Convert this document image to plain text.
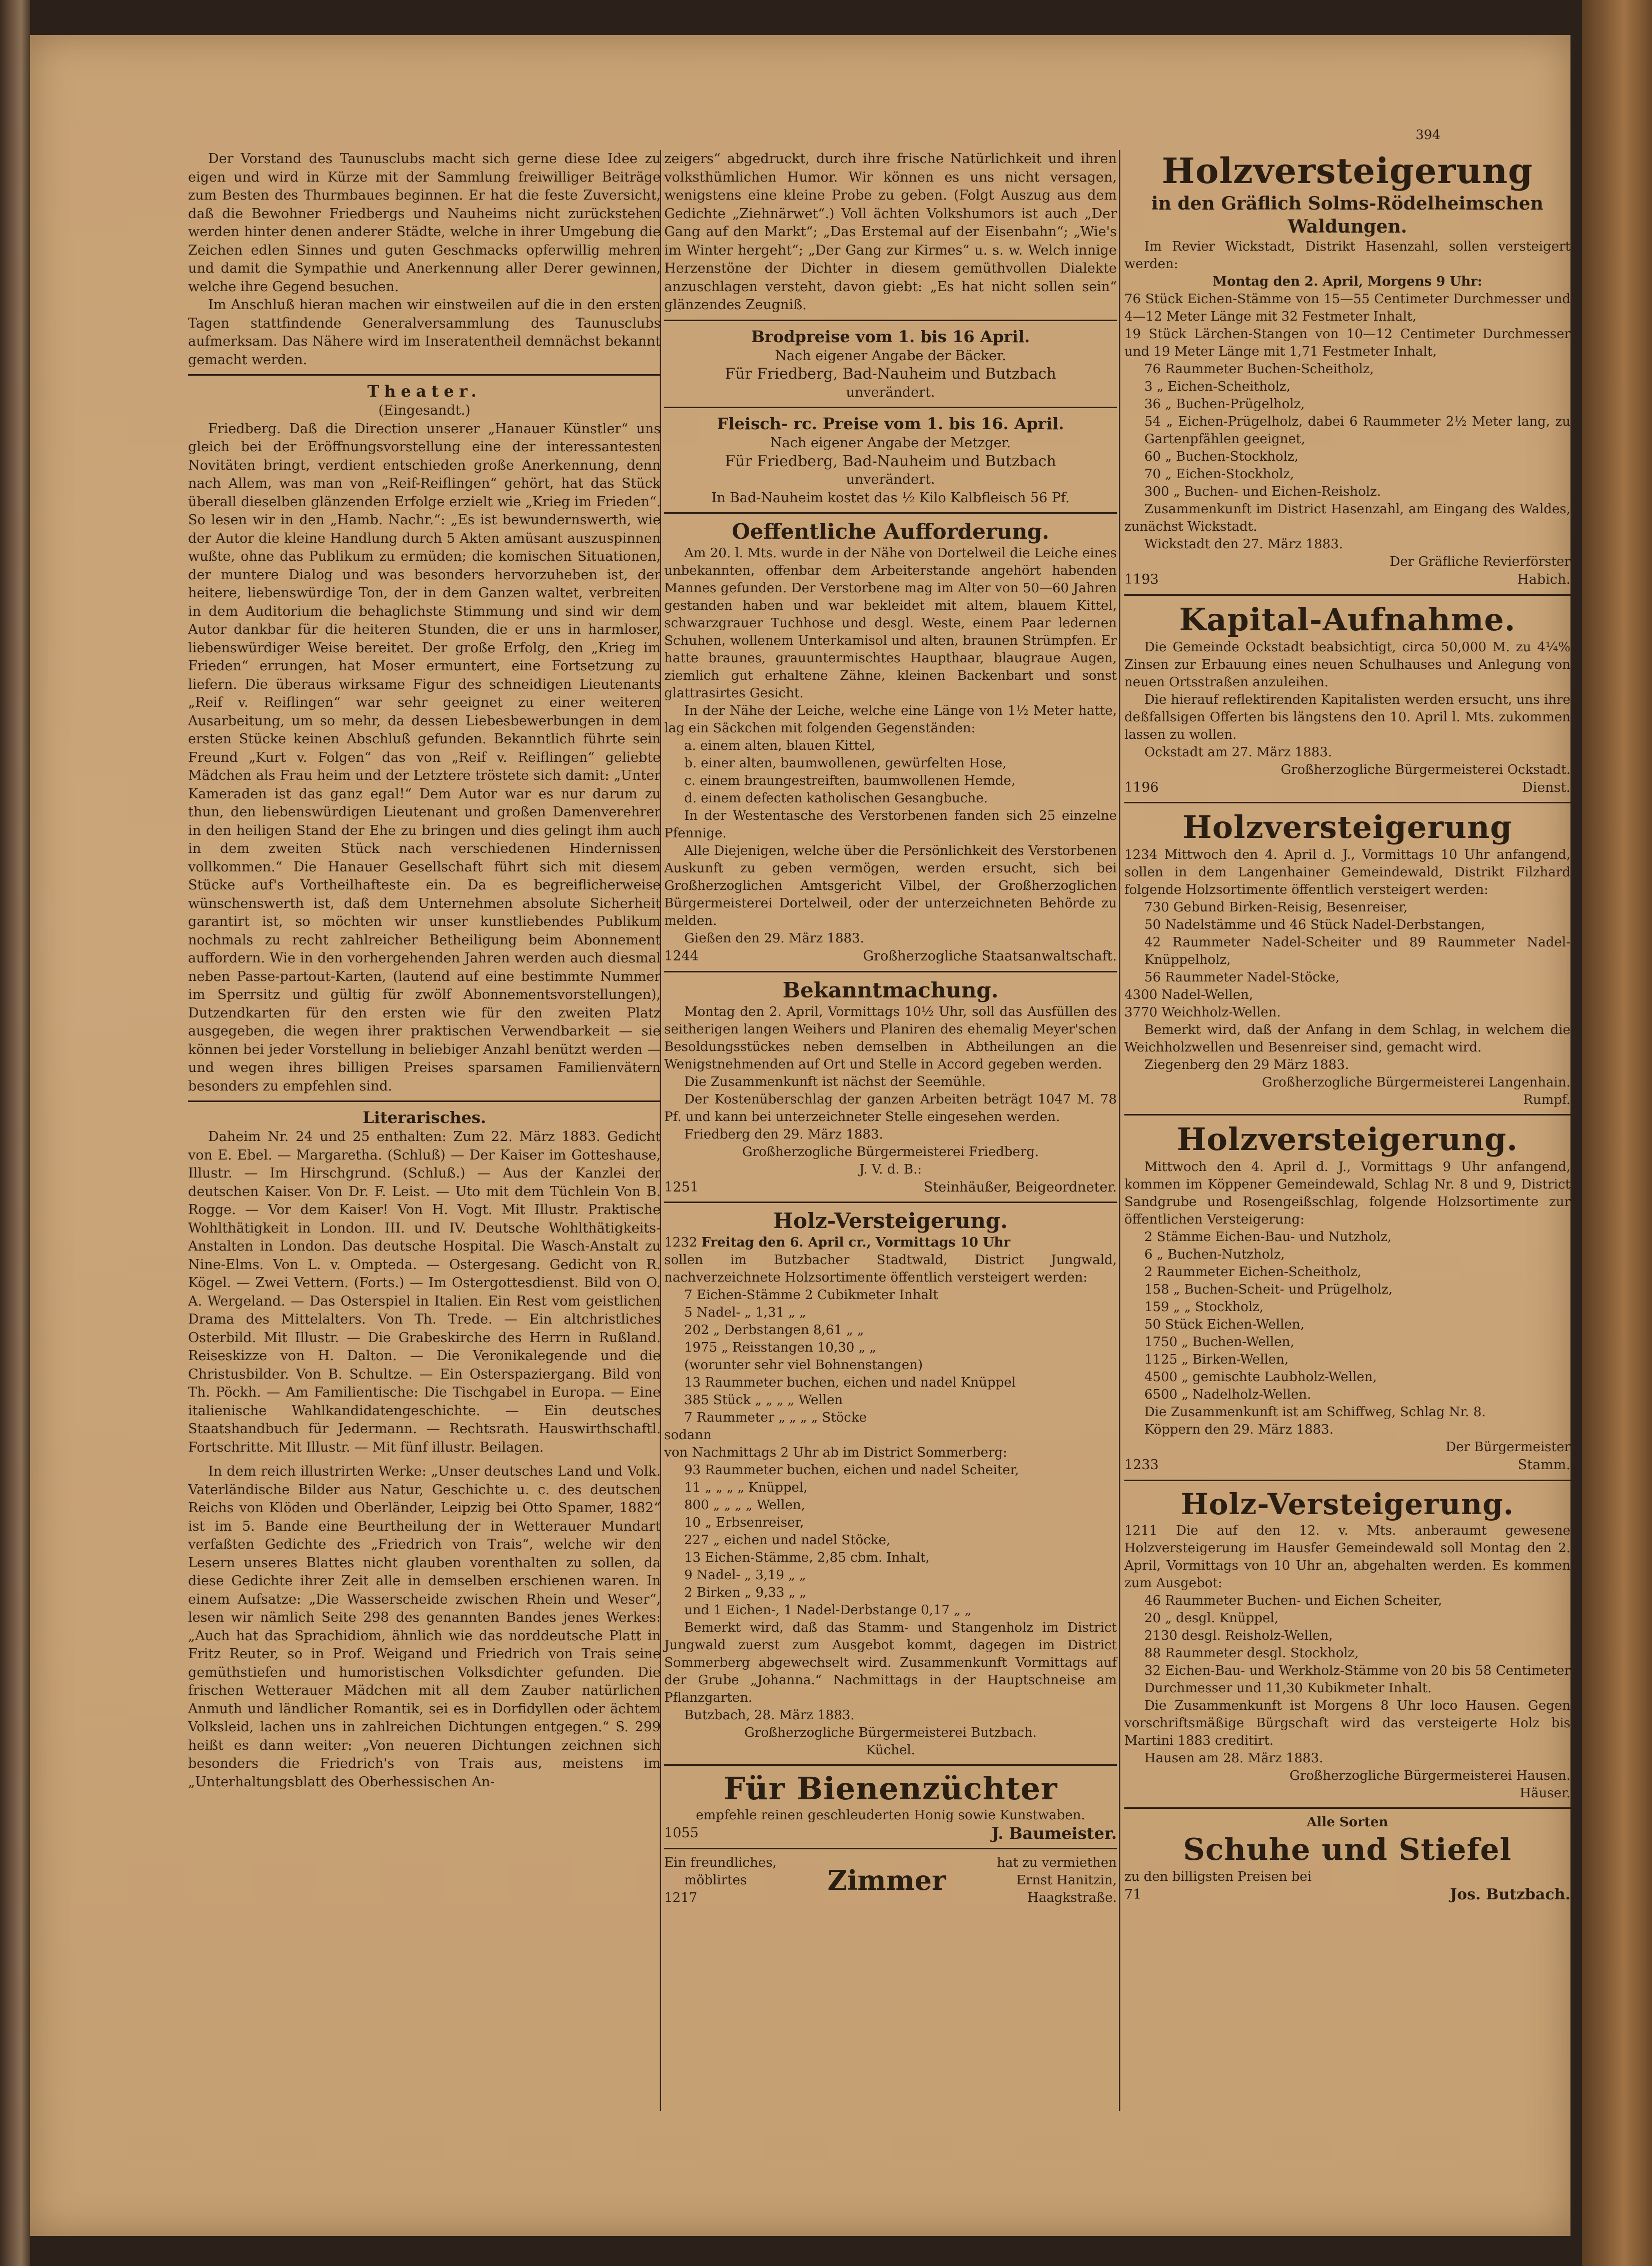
394

Der Vorstand des Taunusclubs macht sich gerne diese Idee zu eigen und wird in Kürze mit der Sammlung freiwilliger Beiträge zum Besten des Thurmbaues beginnen. Er hat die feste Zuversicht, daß die Bewohner Friedbergs und Nauheims nicht zurückstehen werden hinter denen anderer Städte, welche in ihrer Umgebung die Zeichen edlen Sinnes und guten Geschmacks opferwillig mehren und damit die Sympathie und Anerkennung aller Derer gewinnen, welche ihre Gegend besuchen.

Im Anschluß hieran machen wir einstweilen auf die in den ersten Tagen stattfindende Generalversammlung des Taunusclubs aufmerksam. Das Nähere wird im Inseratentheil demnächst bekannt gemacht werden.

Theater.
(Eingesandt.)

Friedberg. Daß die Direction unserer „Hanauer Künstler“ uns gleich bei der Eröffnungsvorstellung eine der interessantesten Novitäten bringt, verdient entschieden große Anerkennung, denn nach Allem, was man von „Reif-Reiflingen“ gehört, hat das Stück überall dieselben glänzenden Erfolge erzielt wie „Krieg im Frieden“. So lesen wir in den „Hamb. Nachr.“: „Es ist bewundernswerth, wie der Autor die kleine Handlung durch 5 Akten amüsant auszuspinnen wußte, ohne das Publikum zu ermüden; die komischen Situationen, der muntere Dialog und was besonders hervorzuheben ist, der heitere, liebenswürdige Ton, der in dem Ganzen waltet, verbreiten in dem Auditorium die behaglichste Stimmung und sind wir dem Autor dankbar für die heiteren Stunden, die er uns in harmloser, liebenswürdiger Weise bereitet. Der große Erfolg, den „Krieg im Frieden“ errungen, hat Moser ermuntert, eine Fortsetzung zu liefern. Die überaus wirksame Figur des schneidigen Lieutenants „Reif v. Reiflingen“ war sehr geeignet zu einer weiteren Ausarbeitung, um so mehr, da dessen Liebesbewerbungen in dem ersten Stücke keinen Abschluß gefunden. Bekanntlich führte sein Freund „Kurt v. Folgen“ das von „Reif v. Reiflingen“ geliebte Mädchen als Frau heim und der Letztere tröstete sich damit: „Unter Kameraden ist das ganz egal!“ Dem Autor war es nur darum zu thun, den liebenswürdigen Lieutenant und großen Damenverehrer in den heiligen Stand der Ehe zu bringen und dies gelingt ihm auch in dem zweiten Stück nach verschiedenen Hindernissen vollkommen.“ Die Hanauer Gesellschaft führt sich mit diesem Stücke auf's Vortheilhafteste ein. Da es begreiflicherweise wünschenswerth ist, daß dem Unternehmen absolute Sicherheit garantirt ist, so möchten wir unser kunstliebendes Publikum nochmals zu recht zahlreicher Betheiligung beim Abonnement auffordern. Wie in den vorhergehenden Jahren werden auch diesmal neben Passe-partout-Karten, (lautend auf eine bestimmte Nummer im Sperrsitz und gültig für zwölf Abonnementsvorstellungen), Dutzendkarten für den ersten wie für den zweiten Platz ausgegeben, die wegen ihrer praktischen Verwendbarkeit — sie können bei jeder Vorstellung in beliebiger Anzahl benützt werden — und wegen ihres billigen Preises sparsamen Familienvätern besonders zu empfehlen sind.

Literarisches.

Daheim Nr. 24 und 25 enthalten: Zum 22. März 1883. Gedicht von E. Ebel. — Margaretha. (Schluß) — Der Kaiser im Gotteshause, Illustr. — Im Hirschgrund. (Schluß.) — Aus der Kanzlei der deutschen Kaiser. Von Dr. F. Leist. — Uto mit dem Tüchlein Von B. Rogge. — Vor dem Kaiser! Von H. Vogt. Mit Illustr. Praktische Wohlthätigkeit in London. III. und IV. Deutsche Wohlthätigkeits-Anstalten in London. Das deutsche Hospital. Die Wasch-Anstalt zu Nine-Elms. Von L. v. Ompteda. — Ostergesang. Gedicht von R. Kögel. — Zwei Vettern. (Forts.) — Im Ostergottesdienst. Bild von O. A. Wergeland. — Das Osterspiel in Italien. Ein Rest vom geistlichen Drama des Mittelalters. Von Th. Trede. — Ein altchristliches Osterbild. Mit Illustr. — Die Grabeskirche des Herrn in Rußland. Reiseskizze von H. Dalton. — Die Veronikalegende und die Christusbilder. Von B. Schultze. — Ein Osterspaziergang. Bild von Th. Pöckh. — Am Familientische: Die Tischgabel in Europa. — Eine italienische Wahlkandidatengeschichte. — Ein deutsches Staatshandbuch für Jedermann. — Rechtsrath. Hauswirthschaftl. Fortschritte. Mit Illustr. — Mit fünf illustr. Beilagen.

In dem reich illustrirten Werke: „Unser deutsches Land und Volk. Vaterländische Bilder aus Natur, Geschichte u. c. des deutschen Reichs von Klöden und Oberländer, Leipzig bei Otto Spamer, 1882“ ist im 5. Bande eine Beurtheilung der in Wetterauer Mundart verfaßten Gedichte des „Friedrich von Trais“, welche wir den Lesern unseres Blattes nicht glauben vorenthalten zu sollen, da diese Gedichte ihrer Zeit alle in demselben erschienen waren. In einem Aufsatze: „Die Wasserscheide zwischen Rhein und Weser“, lesen wir nämlich Seite 298 des genannten Bandes jenes Werkes: „Auch hat das Sprachidiom, ähnlich wie das norddeutsche Platt in Fritz Reuter, so in Prof. Weigand und Friedrich von Trais seine gemüthstiefen und humoristischen Volksdichter gefunden. Die frischen Wetterauer Mädchen mit all dem Zauber natürlichen Anmuth und ländlicher Romantik, sei es in Dorfidyllen oder ächtem Volksleid, lachen uns in zahlreichen Dichtungen entgegen.“ S. 299 heißt es dann weiter: „Von neueren Dichtungen zeichnen sich besonders die Friedrich's von Trais aus, meistens im „Unterhaltungsblatt des Oberhessischen An-

zeigers“ abgedruckt, durch ihre frische Natürlichkeit und ihren volksthümlichen Humor. Wir können es uns nicht versagen, wenigstens eine kleine Probe zu geben. (Folgt Auszug aus dem Gedichte „Ziehnärwet“.) Voll ächten Volkshumors ist auch „Der Gang auf den Markt“; „Das Erstemal auf der Eisenbahn“; „Wie's im Winter hergeht“; „Der Gang zur Kirmes“ u. s. w. Welch innige Herzenstöne der Dichter in diesem gemüthvollen Dialekte anzuschlagen versteht, davon giebt: „Es hat nicht sollen sein“ glänzendes Zeugniß.

Brodpreise vom 1. bis 16 April.
Nach eigener Angabe der Bäcker.
Für Friedberg, Bad-Nauheim und Butzbach
unverändert.
Fleisch- rc. Preise vom 1. bis 16. April.
Nach eigener Angabe der Metzger.
Für Friedberg, Bad-Nauheim und Butzbach
unverändert.
In Bad-Nauheim kostet das ½ Kilo Kalbfleisch 56 Pf.
Oeffentliche Aufforderung.

Am 20. l. Mts. wurde in der Nähe von Dortelweil die Leiche eines unbekannten, offenbar dem Arbeiterstande angehört habenden Mannes gefunden. Der Verstorbene mag im Alter von 50—60 Jahren gestanden haben und war bekleidet mit altem, blauem Kittel, schwarzgrauer Tuchhose und desgl. Weste, einem Paar ledernen Schuhen, wollenem Unterkamisol und alten, braunen Strümpfen. Er hatte braunes, grauuntermischtes Haupthaar, blaugraue Augen, ziemlich gut erhaltene Zähne, kleinen Backenbart und sonst glattrasirtes Gesicht.

In der Nähe der Leiche, welche eine Länge von 1½ Meter hatte, lag ein Säckchen mit folgenden Gegenständen:

a. einem alten, blauen Kittel,
b. einer alten, baumwollenen, gewürfelten Hose,
c. einem braungestreiften, baumwollenen Hemde,
d. einem defecten katholischen Gesangbuche.

In der Westentasche des Verstorbenen fanden sich 25 einzelne Pfennige.

Alle Diejenigen, welche über die Persönlichkeit des Verstorbenen Auskunft zu geben vermögen, werden ersucht, sich bei Großherzoglichen Amtsgericht Vilbel, der Großherzoglichen Bürgermeisterei Dortelweil, oder der unterzeichneten Behörde zu melden.

Gießen den 29. März 1883.
1244	Großherzogliche Staatsanwaltschaft.
Bekanntmachung.

Montag den 2. April, Vormittags 10½ Uhr, soll das Ausfüllen des seitherigen langen Weihers und Planiren des ehemalig Meyer'schen Besoldungsstückes neben demselben in Abtheilungen an die Wenigstnehmenden auf Ort und Stelle in Accord gegeben werden.

Die Zusammenkunft ist nächst der Seemühle.

Der Kostenüberschlag der ganzen Arbeiten beträgt 1047 M. 78 Pf. und kann bei unterzeichneter Stelle eingesehen werden.

Friedberg den 29. März 1883.
Großherzogliche Bürgermeisterei Friedberg.
J. V. d. B.:
1251	Steinhäußer, Beigeordneter.
Holz-Versteigerung.
1232 Freitag den 6. April cr., Vormittags 10 Uhr

sollen im Butzbacher Stadtwald, District Jungwald, nachverzeichnete Holzsortimente öffentlich versteigert werden:

7 Eichen-Stämme 2 Cubikmeter Inhalt
5 Nadel- „ 1,31 „ „
202 „ Derbstangen 8,61 „ „
1975 „ Reisstangen 10,30 „ „
(worunter sehr viel Bohnenstangen)
13 Raummeter buchen, eichen und nadel Knüppel
385 Stück „ „ „ „ Wellen
7 Raummeter „ „ „ „ Stöcke
sodann
von Nachmittags 2 Uhr ab im District Sommerberg:
93 Raummeter buchen, eichen und nadel Scheiter,
11 „ „ „ „ Knüppel,
800 „ „ „ „ Wellen,
10 „ Erbsenreiser,
227 „ eichen und nadel Stöcke,
13 Eichen-Stämme, 2,85 cbm. Inhalt,
9 Nadel- „ 3,19 „ „
2 Birken „ 9,33 „ „
und 1 Eichen-, 1 Nadel-Derbstange 0,17 „ „

Bemerkt wird, daß das Stamm- und Stangenholz im District Jungwald zuerst zum Ausgebot kommt, dagegen im District Sommerberg abgewechselt wird. Zusammenkunft Vormittags auf der Grube „Johanna.“ Nachmittags in der Hauptschneise am Pflanzgarten.

Butzbach, 28. März 1883.
Großherzogliche Bürgermeisterei Butzbach.
Küchel.
Für Bienenzüchter
empfehle reinen geschleuderten Honig sowie Kunstwaben.
1055	J. Baumeister.
Ein freundliches,
möblirtes
1217
Zimmer
hat zu vermiethen
Ernst Hanitzin,
Haagkstraße.
Holzversteigerung
in den Gräflich Solms-Rödelheimschen Waldungen.

Im Revier Wickstadt, Distrikt Hasenzahl, sollen versteigert werden:

Montag den 2. April, Morgens 9 Uhr:
76 Stück Eichen-Stämme von 15—55 Centimeter Durchmesser und 4—12 Meter Länge mit 32 Festmeter Inhalt,
19 Stück Lärchen-Stangen von 10—12 Centimeter Durchmesser und 19 Meter Länge mit 1,71 Festmeter Inhalt,
76 Raummeter Buchen-Scheitholz,
3 „ Eichen-Scheitholz,
36 „ Buchen-Prügelholz,
54 „ Eichen-Prügelholz, dabei 6 Raummeter 2½ Meter lang, zu Gartenpfählen geeignet,
60 „ Buchen-Stockholz,
70 „ Eichen-Stockholz,
300 „ Buchen- und Eichen-Reisholz.

Zusammenkunft im District Hasenzahl, am Eingang des Waldes, zunächst Wickstadt.

Wickstadt den 27. März 1883.
Der Gräfliche Revierförster
1193	Habich.
Kapital-Aufnahme.

Die Gemeinde Ockstadt beabsichtigt, circa 50,000 M. zu 4¼% Zinsen zur Erbauung eines neuen Schulhauses und Anlegung von neuen Ortsstraßen anzuleihen.

Die hierauf reflektirenden Kapitalisten werden ersucht, uns ihre deßfallsigen Offerten bis längstens den 10. April l. Mts. zukommen lassen zu wollen.

Ockstadt am 27. März 1883.
Großherzogliche Bürgermeisterei Ockstadt.
1196	Dienst.
Holzversteigerung

1234 Mittwoch den 4. April d. J., Vormittags 10 Uhr anfangend, sollen in dem Langenhainer Gemeindewald, Distrikt Filzhard folgende Holzsortimente öffentlich versteigert werden:

730 Gebund Birken-Reisig, Besenreiser,
50 Nadelstämme und 46 Stück Nadel-Derbstangen,
42 Raummeter Nadel-Scheiter und 89 Raummeter Nadel-Knüppelholz,
56 Raummeter Nadel-Stöcke,
4300 Nadel-Wellen,
3770 Weichholz-Wellen.

Bemerkt wird, daß der Anfang in dem Schlag, in welchem die Weichholzwellen und Besenreiser sind, gemacht wird.

Ziegenberg den 29 März 1883.
Großherzogliche Bürgermeisterei Langenhain.
Rumpf.
Holzversteigerung.

Mittwoch den 4. April d. J., Vormittags 9 Uhr anfangend, kommen im Köppener Gemeindewald, Schlag Nr. 8 und 9, District Sandgrube und Rosengeißschlag, folgende Holzsortimente zur öffentlichen Versteigerung:

2 Stämme Eichen-Bau- und Nutzholz,
6 „ Buchen-Nutzholz,
2 Raummeter Eichen-Scheitholz,
158 „ Buchen-Scheit- und Prügelholz,
159 „ „ Stockholz,
50 Stück Eichen-Wellen,
1750 „ Buchen-Wellen,
1125 „ Birken-Wellen,
4500 „ gemischte Laubholz-Wellen,
6500 „ Nadelholz-Wellen.

Die Zusammenkunft ist am Schiffweg, Schlag Nr. 8.

Köppern den 29. März 1883.
Der Bürgermeister
1233	Stamm.
Holz-Versteigerung.

1211 Die auf den 12. v. Mts. anberaumt gewesene Holzversteigerung im Hausfer Gemeindewald soll Montag den 2. April, Vormittags von 10 Uhr an, abgehalten werden. Es kommen zum Ausgebot:

46 Raummeter Buchen- und Eichen Scheiter,
20 „ desgl. Knüppel,
2130 desgl. Reisholz-Wellen,
88 Raummeter desgl. Stockholz,
32 Eichen-Bau- und Werkholz-Stämme von 20 bis 58 Centimeter Durchmesser und 11,30 Kubikmeter Inhalt.

Die Zusammenkunft ist Morgens 8 Uhr loco Hausen. Gegen vorschriftsmäßige Bürgschaft wird das versteigerte Holz bis Martini 1883 creditirt.

Hausen am 28. März 1883.
Großherzogliche Bürgermeisterei Hausen.
Häuser.
Alle Sorten
Schuhe und Stiefel
zu den billigsten Preisen bei
71	Jos. Butzbach.
